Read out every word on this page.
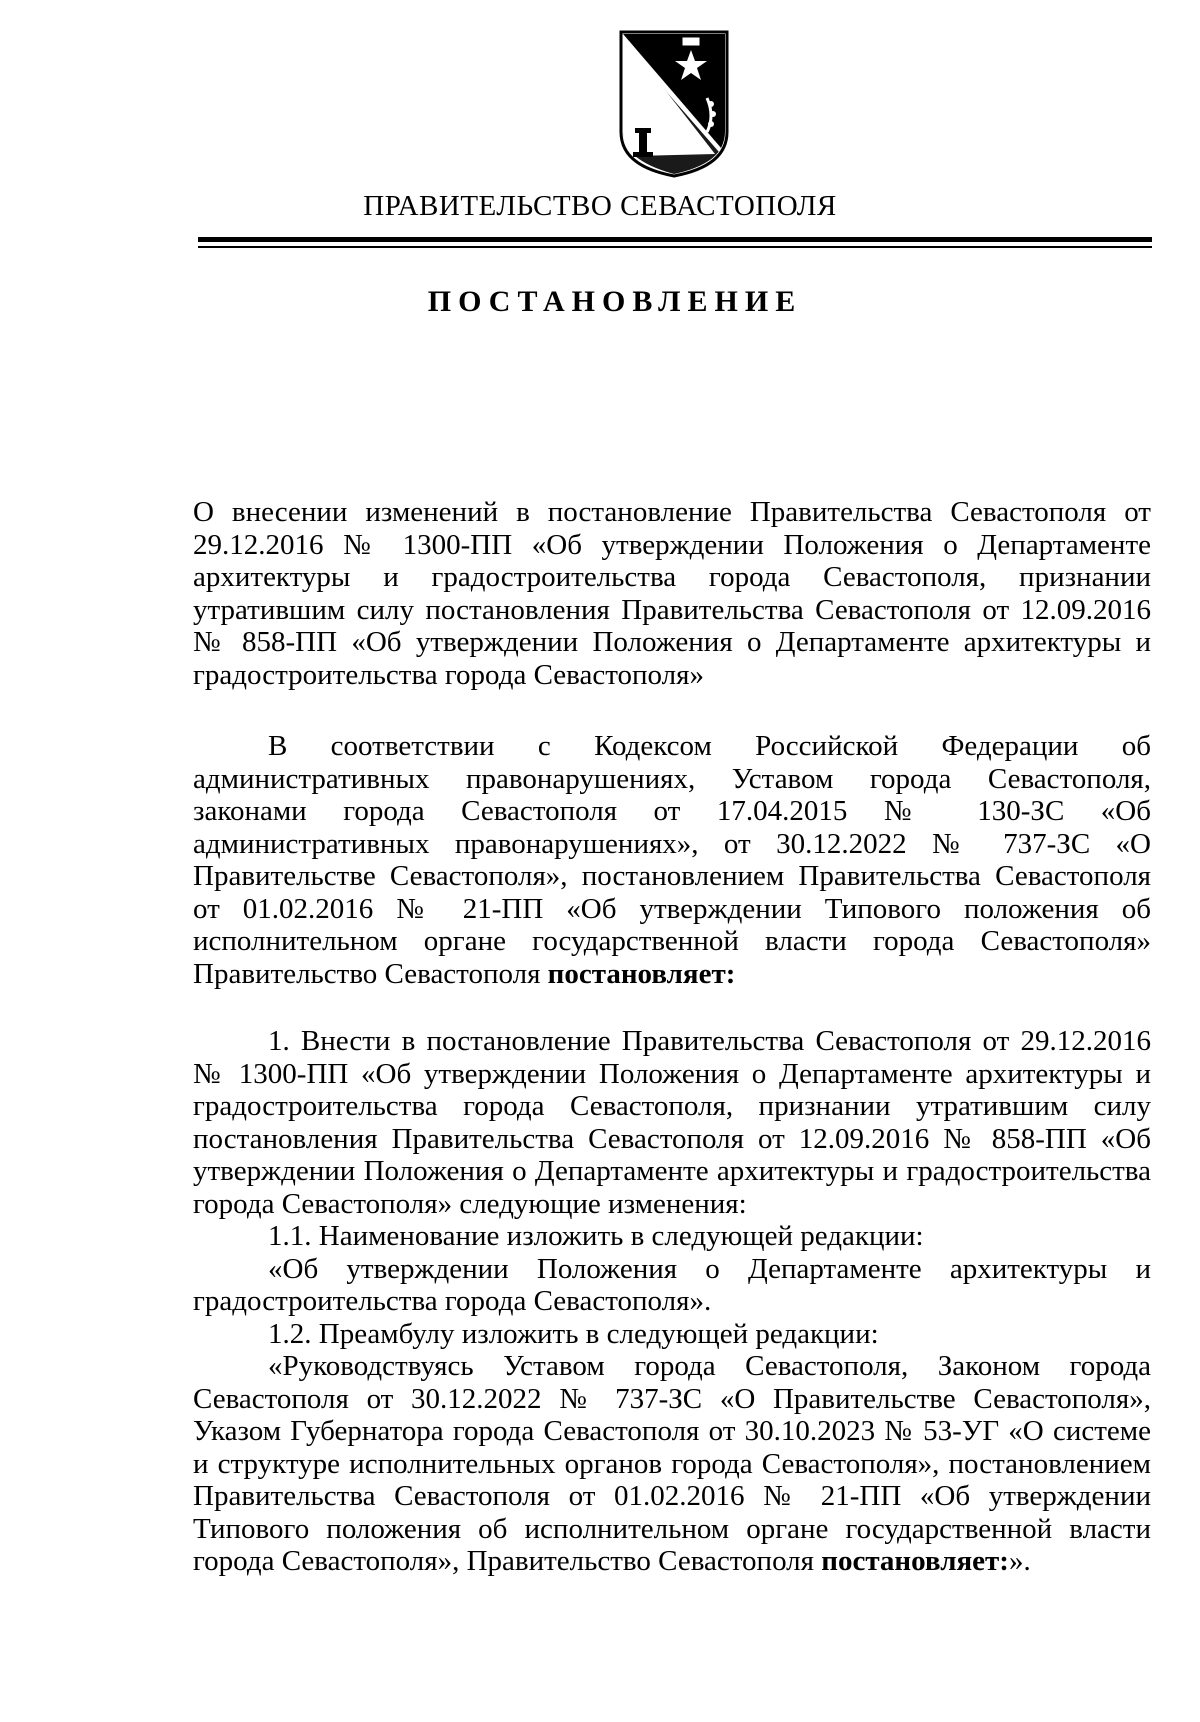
ПРАВИТЕЛЬСТВО СЕВАСТОПОЛЯ
ПОСТАНОВЛЕНИЕ

О внесении изменений в постановление Правительства Севастополя от 29.12.2016 № 1300-ПП «Об утверждении Положения о Департаменте архитектуры и градостроительства города Севастополя, признании утратившим силу постановления Правительства Севастополя от 12.09.2016 № 858-ПП «Об утверждении Положения о Департаменте архитектуры и градостроительства города Севастополя»

В соответствии с Кодексом Российской Федерации об административных правонарушениях, Уставом города Севастополя, законами города Севастополя от 17.04.2015 № 130-ЗС «Об административных правонарушениях», от 30.12.2022 № 737-ЗС «О Правительстве Севастополя», постановлением Правительства Севастополя от 01.02.2016 № 21-ПП «Об утверждении Типового положения об исполнительном органе государственной власти города Севастополя» Правительство Севастополя постановляет:

1. Внести в постановление Правительства Севастополя от 29.12.2016 № 1300-ПП «Об утверждении Положения о Департаменте архитектуры и градостроительства города Севастополя, признании утратившим силу постановления Правительства Севастополя от 12.09.2016 № 858-ПП «Об утверждении Положения о Департаменте архитектуры и градостроительства города Севастополя» следующие изменения:

1.1. Наименование изложить в следующей редакции:

«Об утверждении Положения о Департаменте архитектуры и градостроительства города Севастополя».

1.2. Преамбулу изложить в следующей редакции:

«Руководствуясь Уставом города Севастополя, Законом города Севастополя от 30.12.2022 № 737-ЗС «О Правительстве Севастополя», Указом Губернатора города Севастополя от 30.10.2023 № 53-УГ «О системе и структуре исполнительных органов города Севастополя», постановлением Правительства Севастополя от 01.02.2016 № 21-ПП «Об утверждении Типового положения об исполнительном органе государственной власти города Севастополя», Правительство Севастополя постановляет:».
